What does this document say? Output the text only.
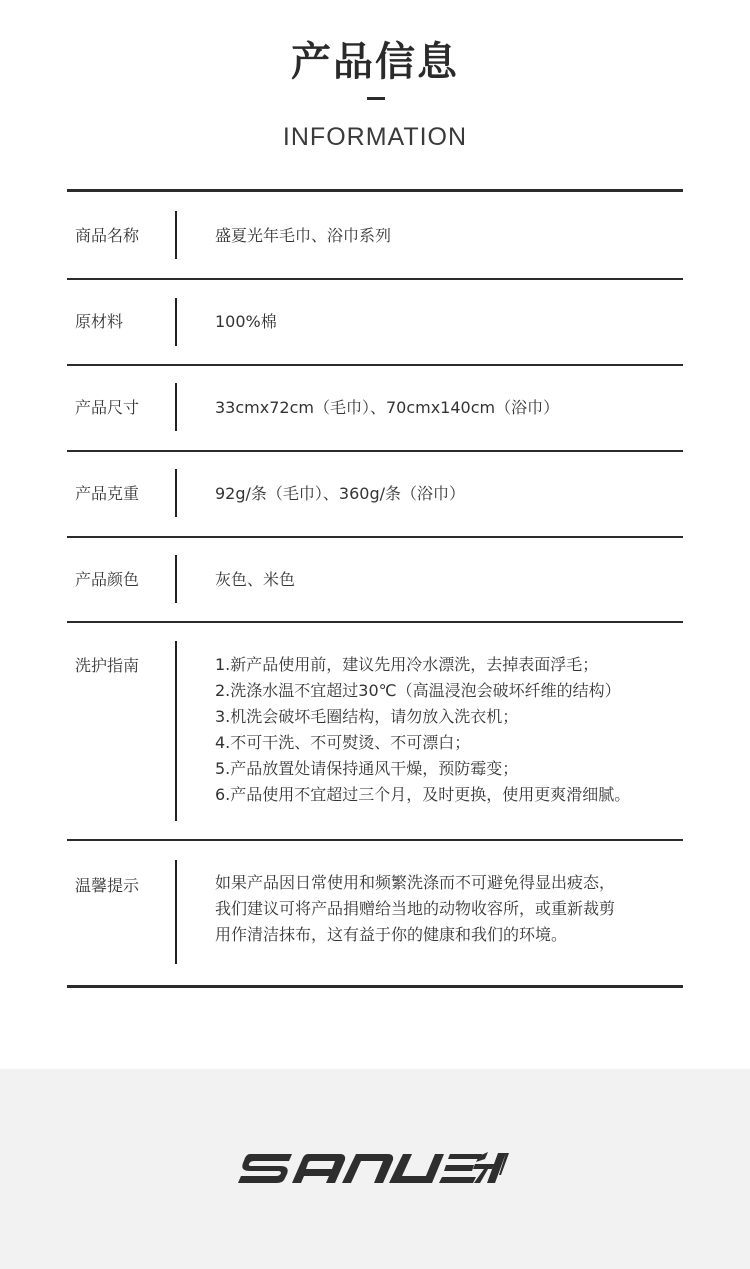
产品信息
INFORMATION
商品名称	盛夏光年毛巾、浴巾系列
原材料	100%棉
产品尺寸	33cmx72cm（毛巾）、70cmx140cm（浴巾）
产品克重	92g/条（毛巾）、360g/条（浴巾）
产品颜色	灰色、米色
洗护指南	1.新产品使用前，建议先用冷水漂洗，去掉表面浮毛；
2.洗涤水温不宜超过30℃（高温浸泡会破坏纤维的结构）
3.机洗会破坏毛圈结构，请勿放入洗衣机；
4.不可干洗、不可熨烫、不可漂白；
5.产品放置处请保持通风干燥，预防霉变；
6.产品使用不宜超过三个月，及时更换，使用更爽滑细腻。
温馨提示	如果产品因日常使用和频繁洗涤而不可避免得显出疲态，
我们建议可将产品捐赠给当地的动物收容所，或重新裁剪
用作清洁抹布，这有益于你的健康和我们的环境。
